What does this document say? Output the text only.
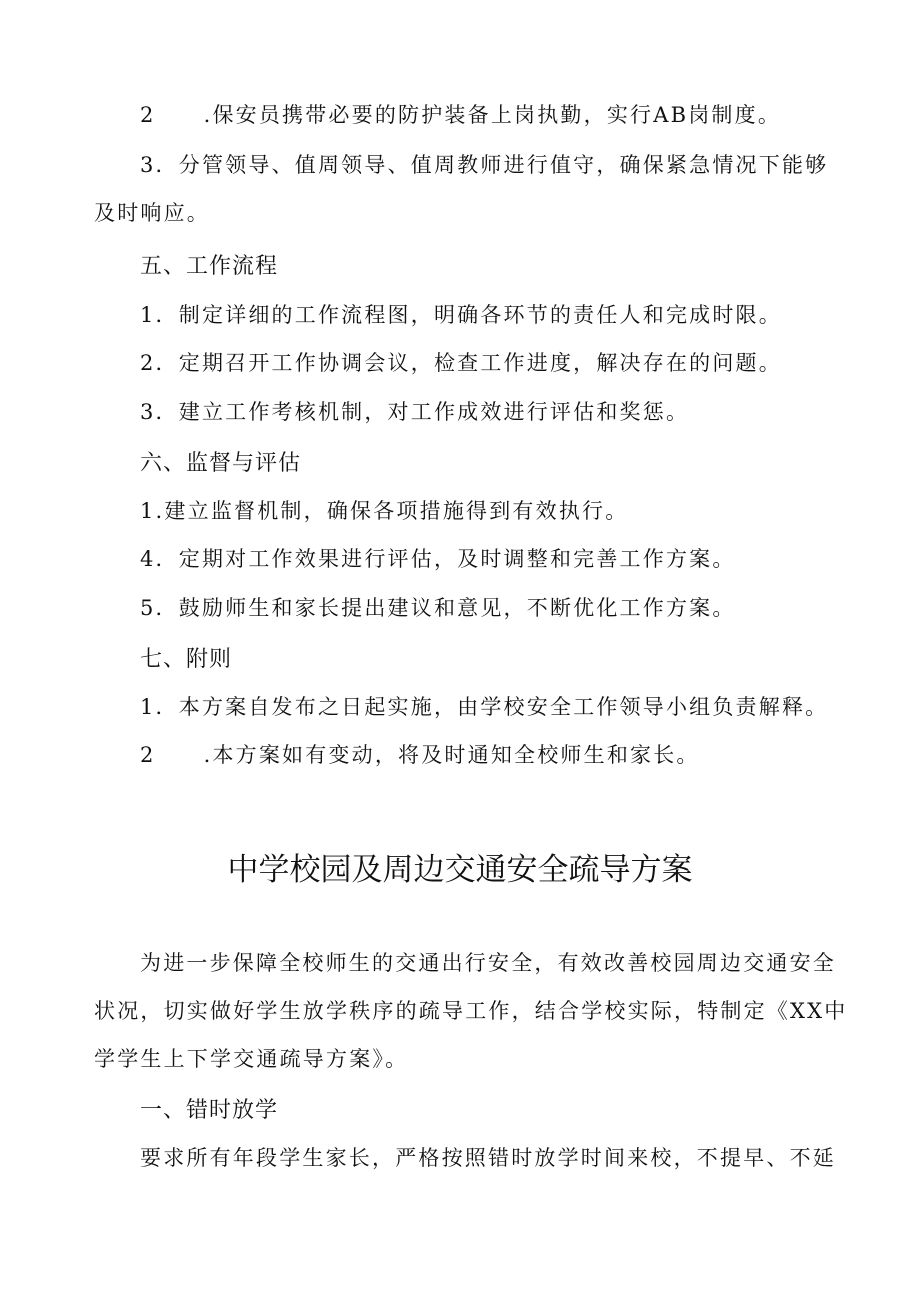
2 .保安员携带必要的防护装备上岗执勤，实行AB岗制度。
3．分管领导、值周领导、值周教师进行值守，确保紧急情况下能够
及时响应。
五、工作流程
1．制定详细的工作流程图，明确各环节的责任人和完成时限。
2．定期召开工作协调会议，检查工作进度，解决存在的问题。
3．建立工作考核机制，对工作成效进行评估和奖惩。
六、监督与评估
1.建立监督机制，确保各项措施得到有效执行。
4．定期对工作效果进行评估，及时调整和完善工作方案。
5．鼓励师生和家长提出建议和意见，不断优化工作方案。
七、附则
1．本方案自发布之日起实施，由学校安全工作领导小组负责解释。
2 .本方案如有变动，将及时通知全校师生和家长。
中学校园及周边交通安全疏导方案
为进一步保障全校师生的交通出行安全，有效改善校园周边交通安全
状况，切实做好学生放学秩序的疏导工作，结合学校实际，特制定《XX中
学学生上下学交通疏导方案》。
一、错时放学
要求所有年段学生家长，严格按照错时放学时间来校，不提早、不延
